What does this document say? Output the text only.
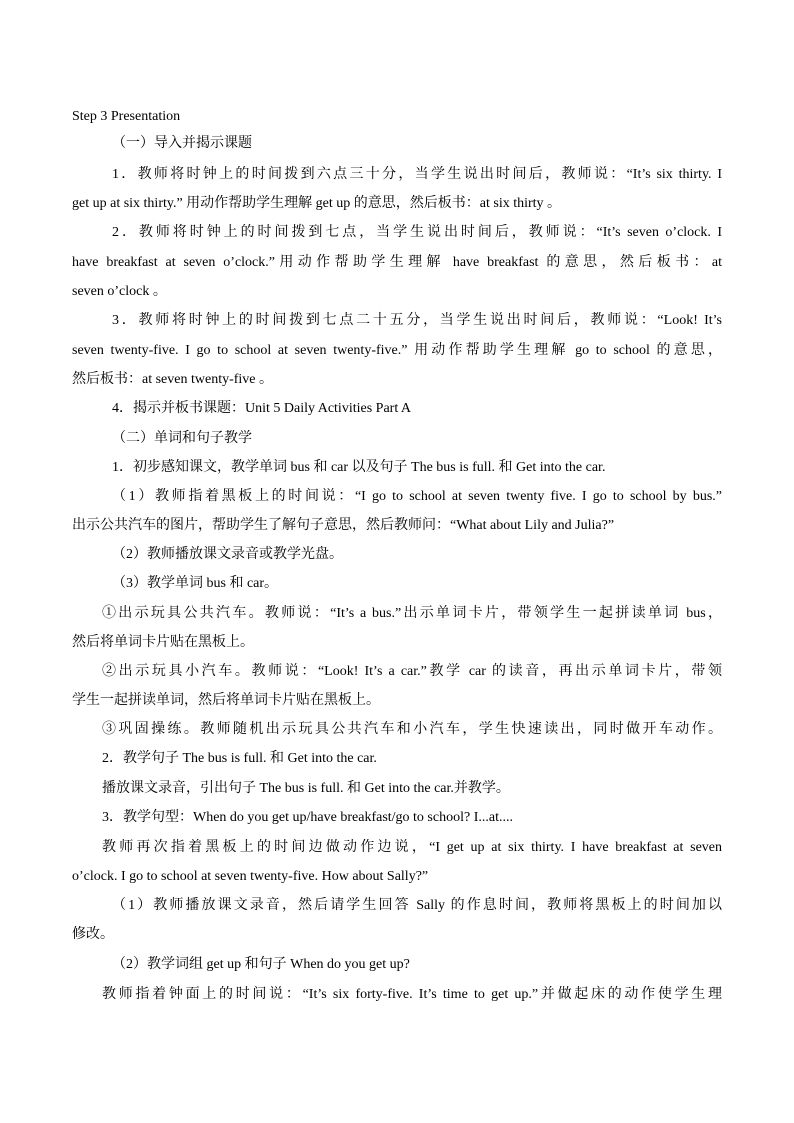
Step 3 Presentation
（一）导入并揭示课题
1．教师将时钟上的时间拨到六点三十分，当学生说出时间后，教师说：“It’s six thirty. I
get up at six thirty.” 用动作帮助学生理解 get up 的意思，然后板书：at six thirty 。
2．教师将时钟上的时间拨到七点，当学生说出时间后，教师说：“It’s seven o’clock. I
have breakfast at seven o’clock.”用动作帮助学生理解 have breakfast 的意思，然后板书：at
seven o’clock 。
3．教师将时钟上的时间拨到七点二十五分，当学生说出时间后，教师说：“Look! It’s
seven twenty-five. I go to school at seven twenty-five.” 用动作帮助学生理解 go to school 的意思，
然后板书：at seven twenty-five 。
4．揭示并板书课题：Unit 5 Daily Activities Part A
（二）单词和句子教学
1．初步感知课文，教学单词 bus 和 car 以及句子 The bus is full. 和 Get into the car.
（1）教师指着黑板上的时间说：“I go to school at seven twenty five. I go to school by bus.”
出示公共汽车的图片，帮助学生了解句子意思，然后教师问：“What about Lily and Julia?”
（2）教师播放课文录音或教学光盘。
（3）教学单词 bus 和 car。
①出示玩具公共汽车。教师说：“It’s a bus.”出示单词卡片，带领学生一起拼读单词 bus，
然后将单词卡片贴在黑板上。
②出示玩具小汽车。教师说：“Look! It’s a car.”教学 car 的读音，再出示单词卡片，带领
学生一起拼读单词，然后将单词卡片贴在黑板上。
③巩固操练。教师随机出示玩具公共汽车和小汽车，学生快速读出，同时做开车动作。
2．教学句子 The bus is full. 和 Get into the car.
播放课文录音，引出句子 The bus is full. 和 Get into the car.并教学。
3．教学句型：When do you get up/have breakfast/go to school? I...at....
教师再次指着黑板上的时间边做动作边说，“I get up at six thirty. I have breakfast at seven
o’clock. I go to school at seven twenty-five. How about Sally?”
（1）教师播放课文录音，然后请学生回答 Sally 的作息时间，教师将黑板上的时间加以
修改。
（2）教学词组 get up 和句子 When do you get up?
教师指着钟面上的时间说：“It’s six forty-five. It’s time to get up.”并做起床的动作使学生理
